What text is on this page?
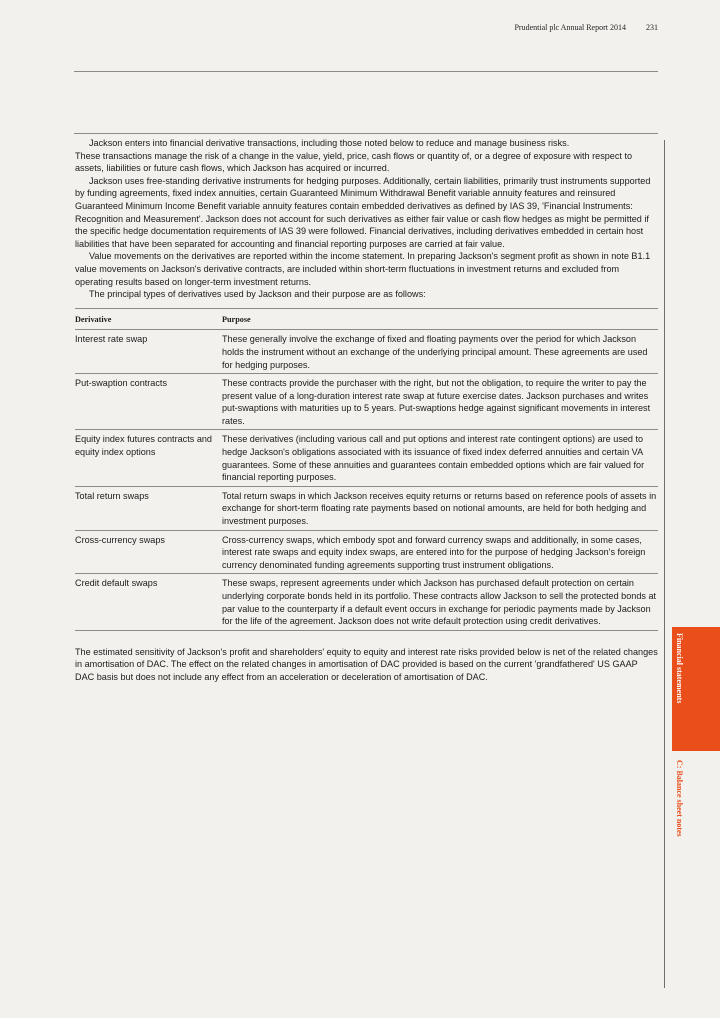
Prudential plc Annual Report 2014	231

Jackson enters into financial derivative transactions, including those noted below to reduce and manage business risks.

These transactions manage the risk of a change in the value, yield, price, cash flows or quantity of, or a degree of exposure with respect to assets, liabilities or future cash flows, which Jackson has acquired or incurred.

Jackson uses free-standing derivative instruments for hedging purposes. Additionally, certain liabilities, primarily trust instruments supported by funding agreements, fixed index annuities, certain Guaranteed Minimum Withdrawal Benefit variable annuity features and reinsured Guaranteed Minimum Income Benefit variable annuity features contain embedded derivatives as defined by IAS 39, 'Financial Instruments: Recognition and Measurement'. Jackson does not account for such derivatives as either fair value or cash flow hedges as might be permitted if the specific hedge documentation requirements of IAS 39 were followed. Financial derivatives, including derivatives embedded in certain host liabilities that have been separated for accounting and financial reporting purposes are carried at fair value.

Value movements on the derivatives are reported within the income statement. In preparing Jackson's segment profit as shown in note B1.1 value movements on Jackson's derivative contracts, are included within short-term fluctuations in investment returns and excluded from operating results based on longer-term investment returns.

The principal types of derivatives used by Jackson and their purpose are as follows:

Derivative	Purpose
Interest rate swap	These generally involve the exchange of fixed and floating payments over the period for which Jackson holds the instrument without an exchange of the underlying principal amount. These agreements are used for hedging purposes.
Put-swaption contracts	These contracts provide the purchaser with the right, but not the obligation, to require the writer to pay the present value of a long-duration interest rate swap at future exercise dates. Jackson purchases and writes put-swaptions with maturities up to 5 years. Put-swaptions hedge against significant movements in interest rates.
Equity index futures contracts and equity index options	These derivatives (including various call and put options and interest rate contingent options) are used to hedge Jackson's obligations associated with its issuance of fixed index deferred annuities and certain VA guarantees. Some of these annuities and guarantees contain embedded options which are fair valued for financial reporting purposes.
Total return swaps	Total return swaps in which Jackson receives equity returns or returns based on reference pools of assets in exchange for short-term floating rate payments based on notional amounts, are held for both hedging and investment purposes.
Cross-currency swaps	Cross-currency swaps, which embody spot and forward currency swaps and additionally, in some cases, interest rate swaps and equity index swaps, are entered into for the purpose of hedging Jackson's foreign currency denominated funding agreements supporting trust instrument obligations.
Credit default swaps	These swaps, represent agreements under which Jackson has purchased default protection on certain underlying corporate bonds held in its portfolio. These contracts allow Jackson to sell the protected bonds at par value to the counterparty if a default event occurs in exchange for periodic payments made by Jackson for the life of the agreement. Jackson does not write default protection using credit derivatives.

The estimated sensitivity of Jackson's profit and shareholders' equity to equity and interest rate risks provided below is net of the related changes in amortisation of DAC. The effect on the related changes in amortisation of DAC provided is based on the current 'grandfathered' US GAAP DAC basis but does not include any effect from an acceleration or deceleration of amortisation of DAC.	Financial statements
C: Balance sheet notes
